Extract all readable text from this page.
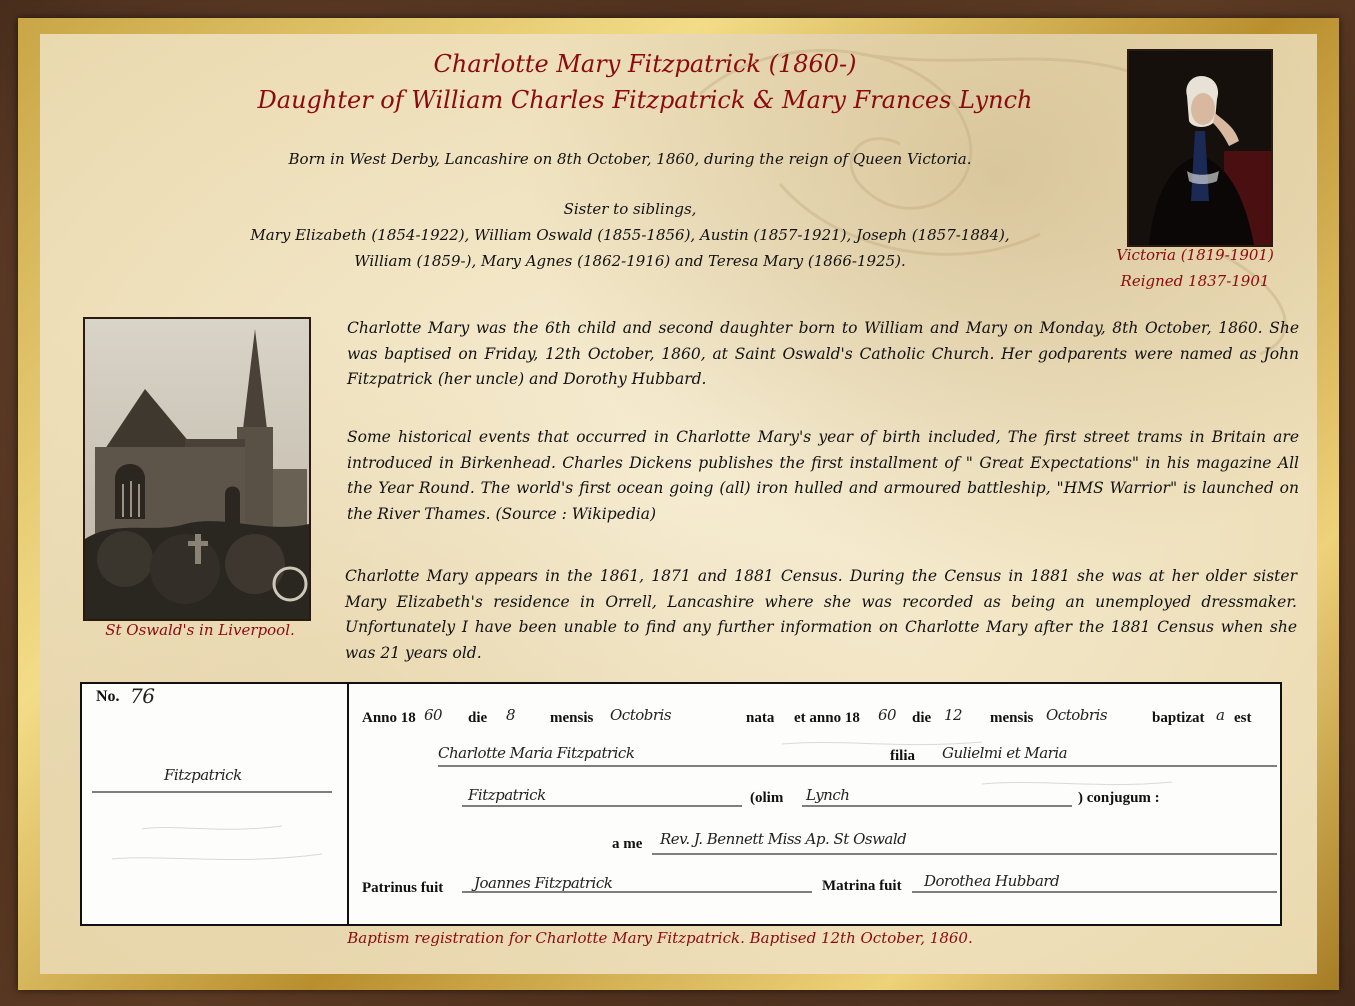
Charlotte Mary Fitzpatrick (1860-)
Daughter of William Charles Fitzpatrick & Mary Frances Lynch
Born in West Derby, Lancashire on 8th October, 1860, during the reign of Queen Victoria.
Sister to siblings,
Mary Elizabeth (1854-1922), William Oswald (1855-1856), Austin (1857-1921), Joseph (1857-1884),
William (1859-), Mary Agnes (1862-1916) and Teresa Mary (1866-1925).	Victoria (1819-1901)
Reigned 1837-1901
St Oswald's in Liverpool.
Charlotte Mary was the 6th child and second daughter born to William and Mary on Monday, 8th October, 1860. She was baptised on Friday, 12th October, 1860, at Saint Oswald's Catholic Church. Her godparents were named as John Fitzpatrick (her uncle) and Dorothy Hubbard.
Some historical events that occurred in Charlotte Mary's year of birth included, The first street trams in Britain are introduced in Birkenhead. Charles Dickens publishes the first installment of " Great Expectations" in his magazine All the Year Round. The world's first ocean going (all) iron hulled and armoured battleship, "HMS Warrior" is launched on the River Thames. (Source : Wikipedia)
Charlotte Mary appears in the 1861, 1871 and 1881 Census. During the Census in 1881 she was at her older sister Mary Elizabeth's residence in Orrell, Lancashire where she was recorded as being an unemployed dressmaker. Unfortunately I have been unable to find any further information on Charlotte Mary after the 1881 Census when she was 21 years old.
No. 76
Fitzpatrick
Anno 18 60 die 8 mensis Octobris	nata et anno 18 60 die 12 mensis Octobris	baptizat a est
Charlotte Maria Fitzpatrick	filia Gulielmi et Maria
Fitzpatrick	(olim Lynch	) conjugum :
a me Rev. J. Bennett Miss Ap. St Oswald
Patrinus fuit Joannes Fitzpatrick	Matrina fuit Dorothea Hubbard
Baptism registration for Charlotte Mary Fitzpatrick. Baptised 12th October, 1860.
